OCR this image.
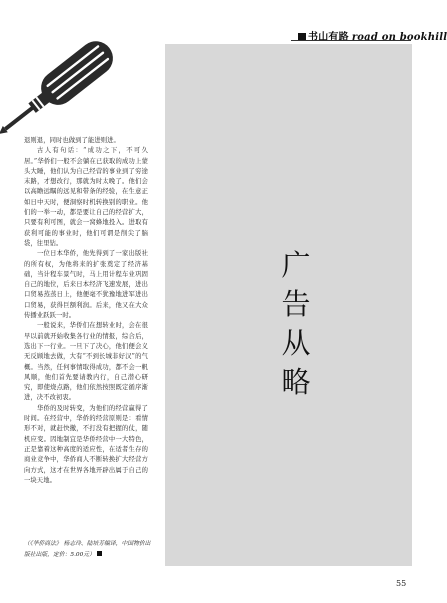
书山有路 road on bookhill
广
告
从
略

退则退，同时也做到了能进则进。

古人有句话：“成功之下，不可久居。”华侨们一般不会躺在已获取的成功上蒙头大睡，他们认为自己经营的事业到了穷途末路，才想改行，那就为时太晚了。他们会以高瞻远瞩的远见和带条的经验，在生意正如日中天时，便洞察时机转换别的职业。他们的一举一动，都是要让自己的经营扩大，只要有利可图，就会一窝蜂地投入。进取有获利可能的事业时，他们可谓是削尖了脑袋，往里钻。

一位日本华侨，他先得到了一家出版社的所有权，为他将来的扩张奠定了经济基础，当计程车景气时，马上用计程车业巩固自己的地位，后来日本经济飞速发展，进出口贸易蒸蒸日上，他便毫不犹豫地进军进出口贸易，获得巨额利润。后来，他又在大众传播业跃跃一时。

一般说来，华侨们在想转业时，会在很早以前就开始收集各行业的情报，综合后，选出下一行业。一旦下了决心，他们便会义无反顾地去做，大有“不到长城非好汉”的气概。当然，任何事情取得成功，都不会一帆风顺，他们首先要请教内行，自己潜心研究，即使烧点路，他们依然按照既定循序渐进，决不改初衷。

华侨的及时转变，为他们的经营赢得了时间。在经营中，华侨的经营原则是：看情形不对，就赶快撤，不打没有把握的仗，随机应变。因地制宜是华侨经营中一大特色，正是靠着这种高度的适应性，在适者生存的商业竞争中，华侨商人不断转换扩大经营方向方式，这才在世界各地开辟出属于自己的一块天地。

（《华侨商法》 杨志玲、陆培芳编译，中国物价出版社出版，定价：5.00元）
55
